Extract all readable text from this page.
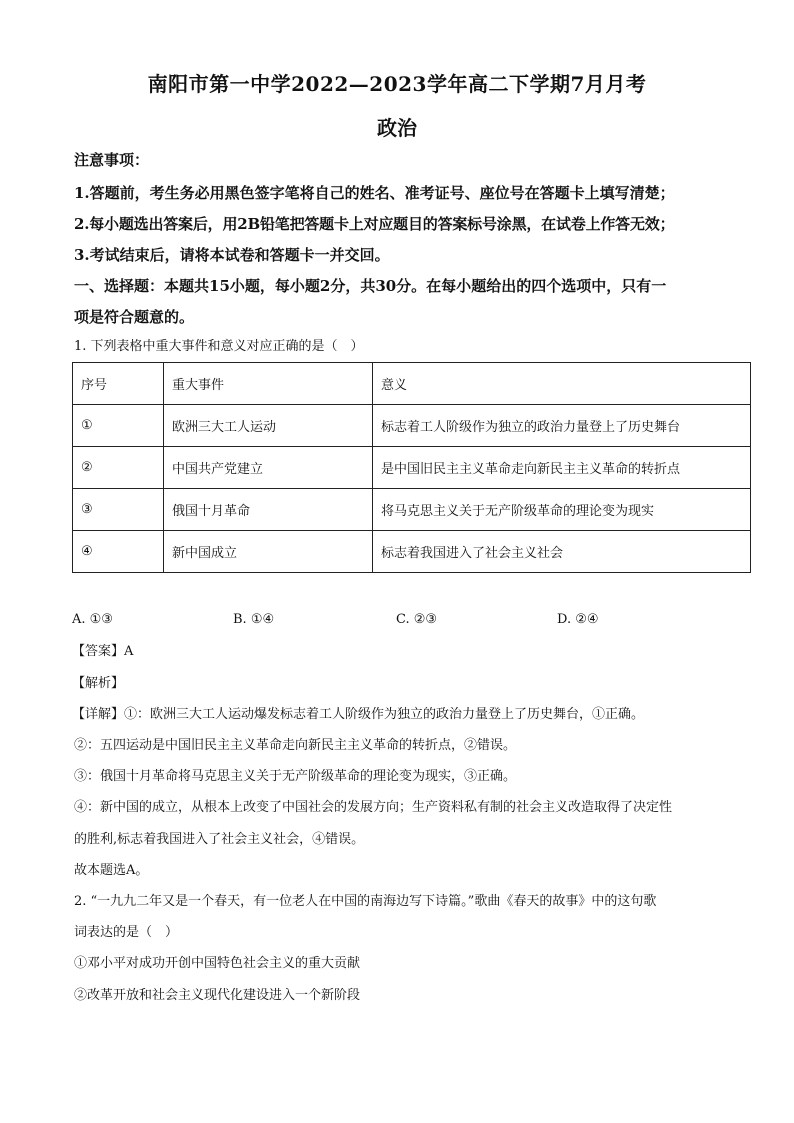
南阳市第一中学2022—2023学年高二下学期7月月考
政治
注意事项：
1.答题前，考生务必用黑色签字笔将自己的姓名、准考证号、座位号在答题卡上填写清楚；
2.每小题选出答案后，用2B铅笔把答题卡上对应题目的答案标号涂黑，在试卷上作答无效；
3.考试结束后，请将本试卷和答题卡一并交回。
一、选择题：本题共15小题，每小题2分，共30分。在每小题给出的四个选项中，只有一
项是符合题意的。
1. 下列表格中重大事件和意义对应正确的是（　）
序号	重大事件	意义
①	欧洲三大工人运动	标志着工人阶级作为独立的政治力量登上了历史舞台
②	中国共产党建立	是中国旧民主主义革命走向新民主主义革命的转折点
③	俄国十月革命	将马克思主义关于无产阶级革命的理论变为现实
④	新中国成立	标志着我国进入了社会主义社会
A. ①③	B. ①④	C. ②③	D. ②④
【答案】A
【解析】
【详解】①：欧洲三大工人运动爆发标志着工人阶级作为独立的政治力量登上了历史舞台，①正确。
②：五四运动是中国旧民主主义革命走向新民主主义革命的转折点，②错误。
③：俄国十月革命将马克思主义关于无产阶级革命的理论变为现实，③正确。
④：新中国的成立，从根本上改变了中国社会的发展方向；生产资料私有制的社会主义改造取得了决定性
的胜利,标志着我国进入了社会主义社会，④错误。
故本题选A。
2. “一九九二年又是一个春天，有一位老人在中国的南海边写下诗篇。”歌曲《春天的故事》中的这句歌
词表达的是（　）
①邓小平对成功开创中国特色社会主义的重大贡献
②改革开放和社会主义现代化建设进入一个新阶段
